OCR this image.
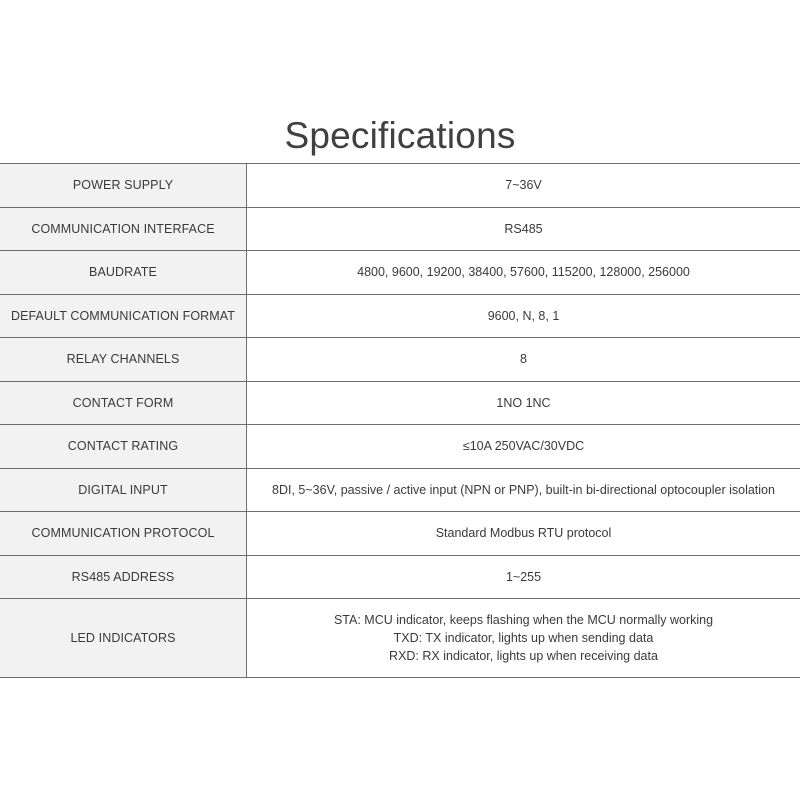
Specifications
POWER SUPPLY	7~36V
COMMUNICATION INTERFACE	RS485
BAUDRATE	4800, 9600, 19200, 38400, 57600, 115200, 128000, 256000
DEFAULT COMMUNICATION FORMAT	9600, N, 8, 1
RELAY CHANNELS	8
CONTACT FORM	1NO 1NC
CONTACT RATING	≤10A 250VAC/30VDC
DIGITAL INPUT	8DI, 5~36V, passive / active input (NPN or PNP), built-in bi-directional optocoupler isolation
COMMUNICATION PROTOCOL	Standard Modbus RTU protocol
RS485 ADDRESS	1~255
LED INDICATORS	STA: MCU indicator, keeps flashing when the MCU normally working
TXD: TX indicator, lights up when sending data
RXD: RX indicator, lights up when receiving data
